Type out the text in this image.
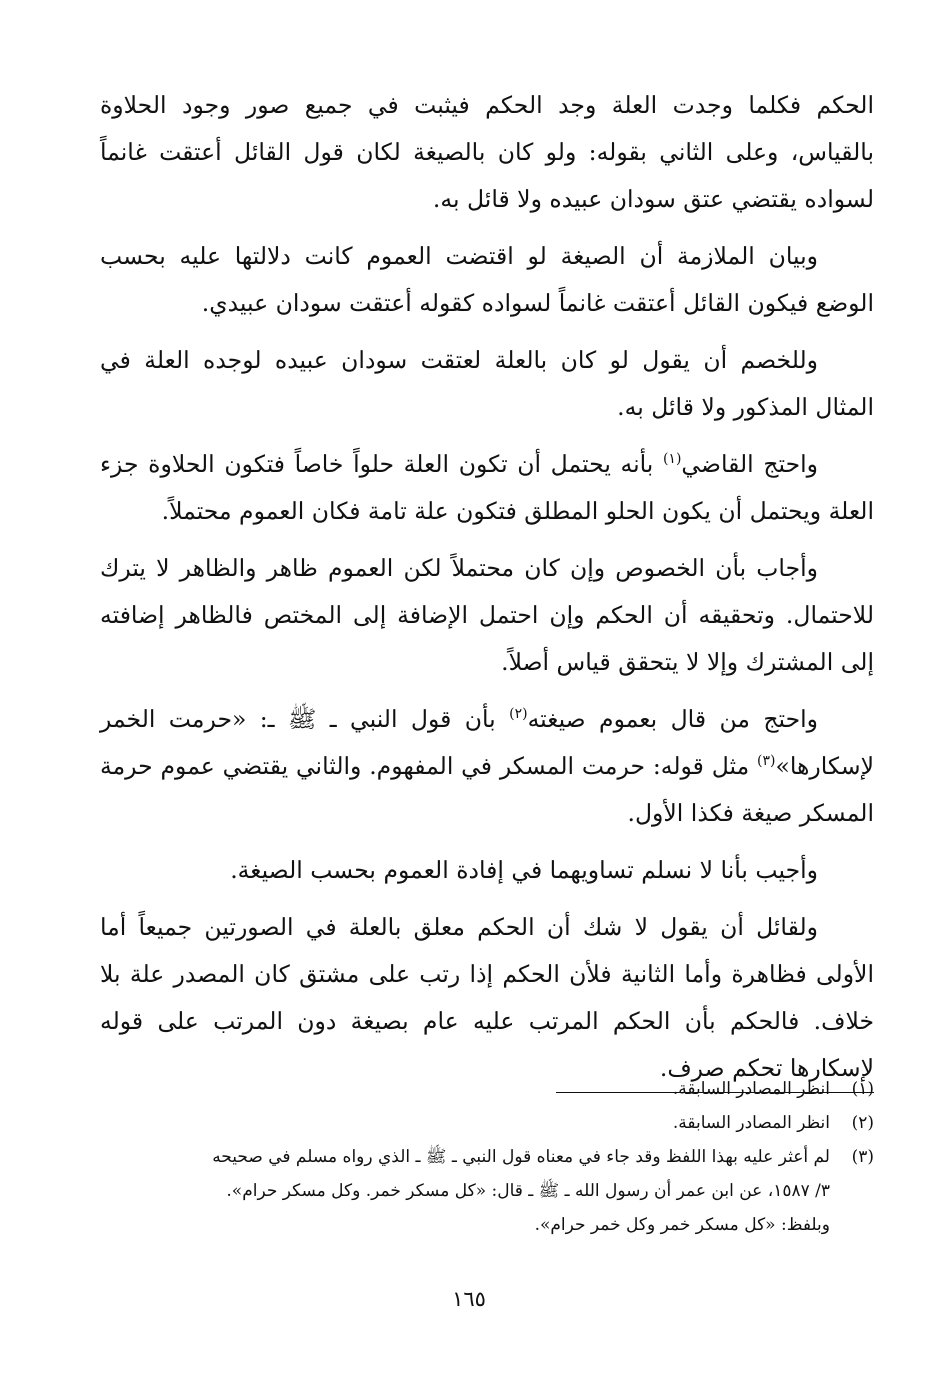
الحكم فكلما وجدت العلة وجد الحكم فيثبت في جميع صور وجود الحلاوة بالقياس، وعلى الثاني بقوله: ولو كان بالصيغة لكان قول القائل أعتقت غانماً لسواده يقتضي عتق سودان عبيده ولا قائل به.

وبيان الملازمة أن الصيغة لو اقتضت العموم كانت دلالتها عليه بحسب الوضع فيكون القائل أعتقت غانماً لسواده كقوله أعتقت سودان عبيدي.

وللخصم أن يقول لو كان بالعلة لعتقت سودان عبيده لوجده العلة في المثال المذكور ولا قائل به.

واحتج القاضي$^{(١)}$ بأنه يحتمل أن تكون العلة حلواً خاصاً فتكون الحلاوة جزء العلة ويحتمل أن يكون الحلو المطلق فتكون علة تامة فكان العموم محتملاً.

وأجاب بأن الخصوص وإن كان محتملاً لكن العموم ظاهر والظاهر لا يترك للاحتمال. وتحقيقه أن الحكم وإن احتمل الإضافة إلى المختص فالظاهر إضافته إلى المشترك وإلا لا يتحقق قياس أصلاً.

واحتج من قال بعموم صيغته$^{(٢)}$ بأن قول النبي ـ ﷺ ـ: «حرمت الخمر لإسكارها»$^{(٣)}$ مثل قوله: حرمت المسكر في المفهوم. والثاني يقتضي عموم حرمة المسكر صيغة فكذا الأول.

وأجيب بأنا لا نسلم تساويهما في إفادة العموم بحسب الصيغة.

ولقائل أن يقول لا شك أن الحكم معلق بالعلة في الصورتين جميعاً أما الأولى فظاهرة وأما الثانية فلأن الحكم إذا رتب على مشتق كان المصدر علة بلا خلاف. فالحكم بأن الحكم المرتب عليه عام بصيغة دون المرتب على قوله لإسكارها تحكم صرف.

(١)
انظر المصادر السابقة.
(٢)
انظر المصادر السابقة.
(٣)
لم أعثر عليه بهذا اللفظ وقد جاء في معناه قول النبي ـ ﷺ ـ الذي رواه مسلم في صحيحه
٣/ ١٥٨٧، عن ابن عمر أن رسول الله ـ ﷺ ـ قال: «كل مسكر خمر. وكل مسكر حرام».
وبلفظ: «كل مسكر خمر وكل خمر حرام».
١٦٥
